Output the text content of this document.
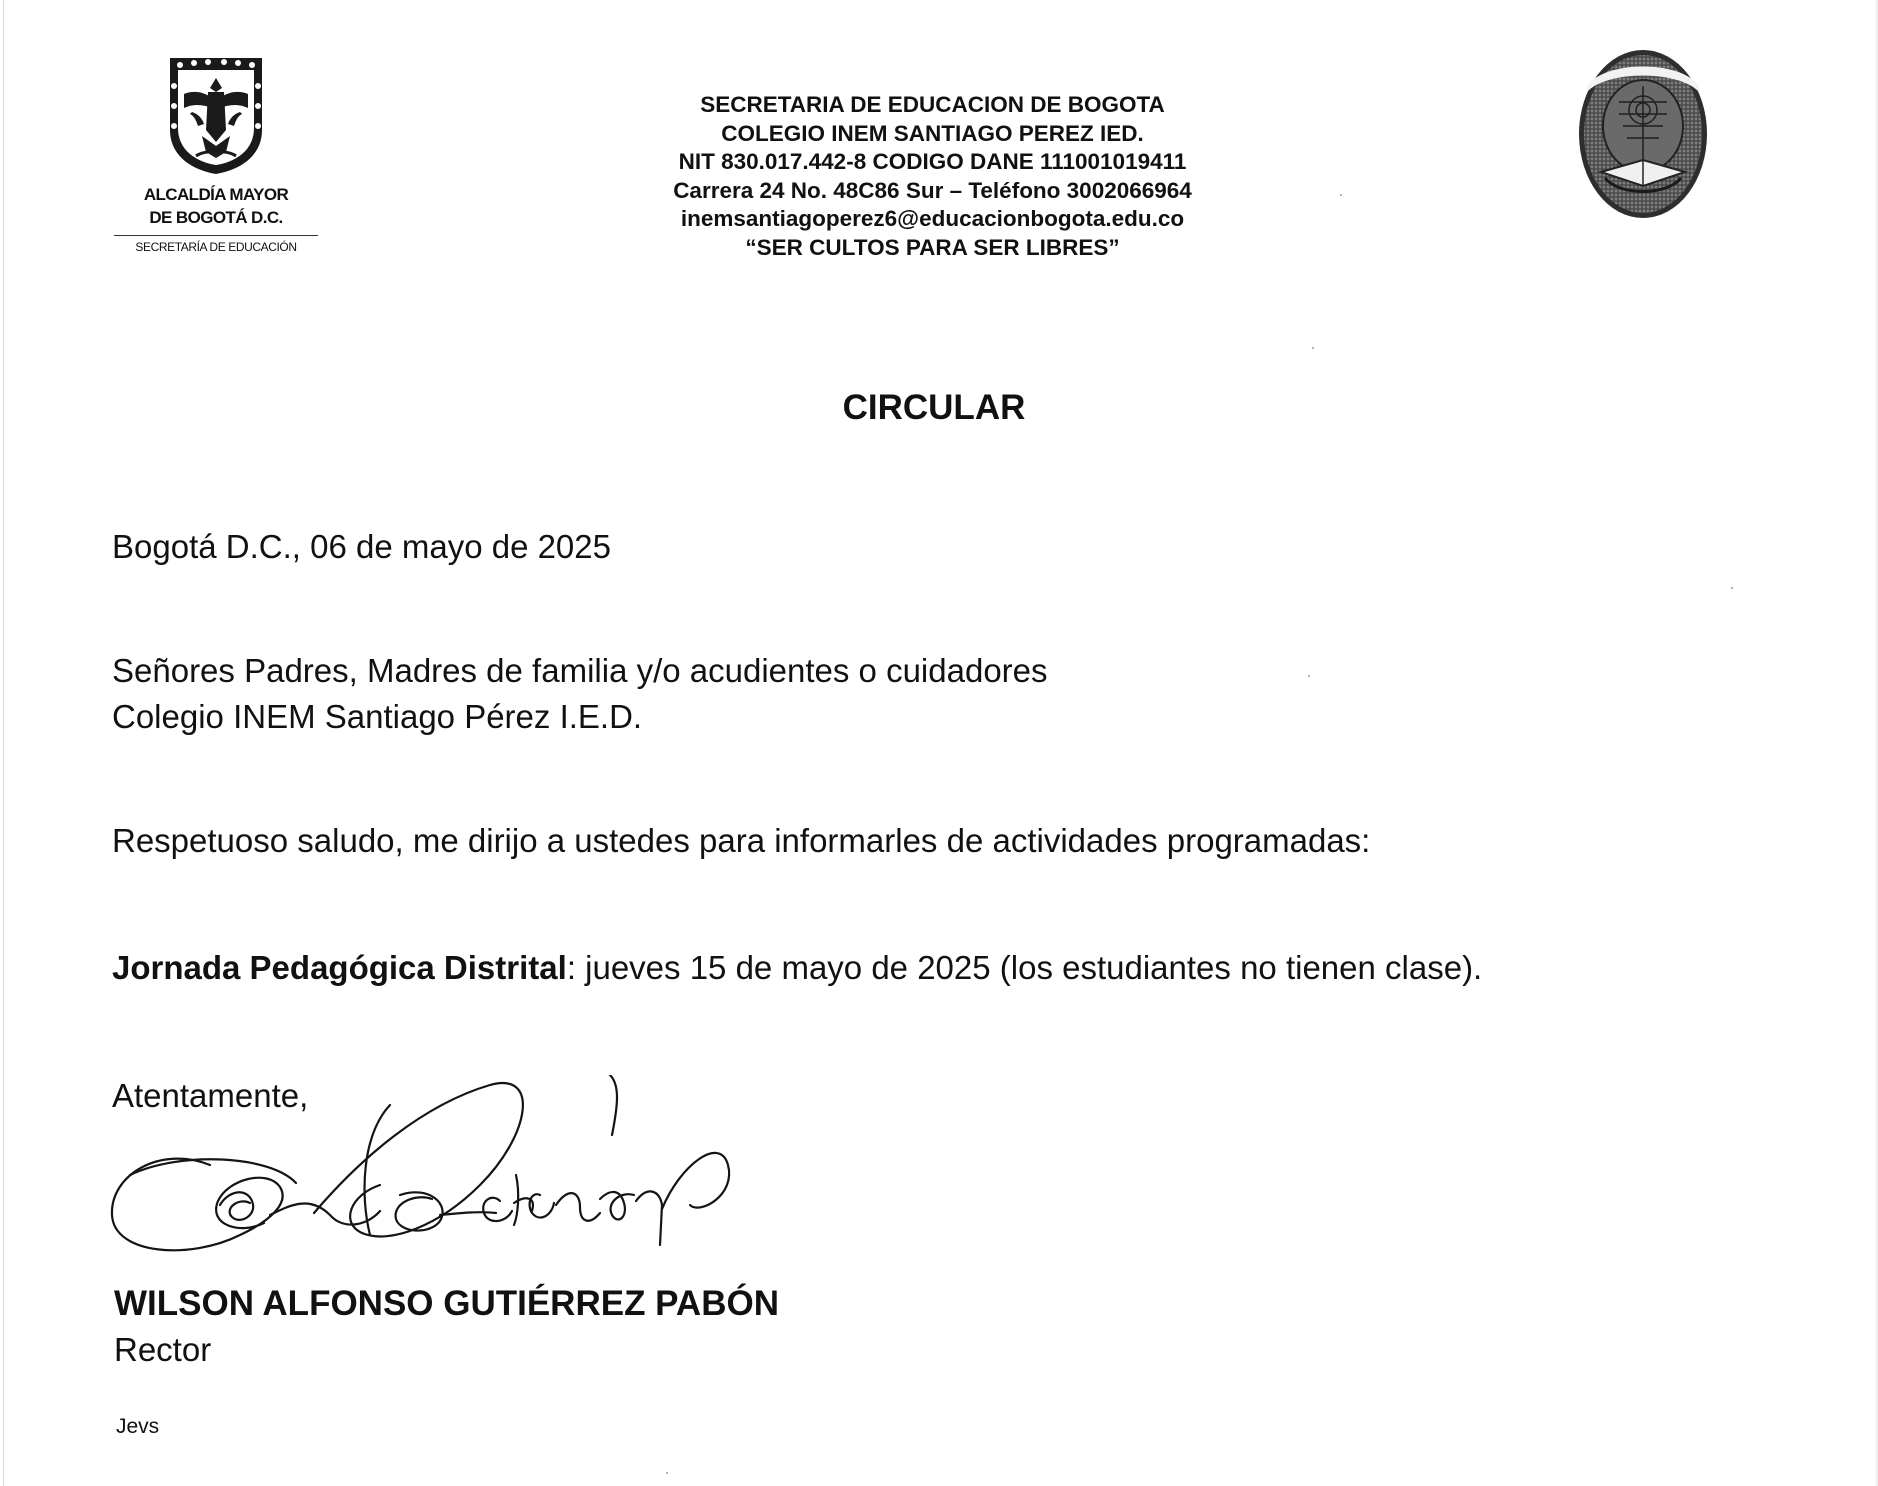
ALCALDÍA MAYOR
DE BOGOTÁ D.C.
SECRETARÍA DE EDUCACIÓN
SECRETARIA DE EDUCACION DE BOGOTA
COLEGIO INEM SANTIAGO PEREZ IED.
NIT 830.017.442-8 CODIGO DANE 111001019411
Carrera 24 No. 48C86 Sur – Teléfono 3002066964
inemsantiagoperez6@educacionbogota.edu.co
“SER CULTOS PARA SER LIBRES”
CIRCULAR
Bogotá D.C., 06 de mayo de 2025
Señores Padres, Madres de familia y/o acudientes o cuidadores
Colegio INEM Santiago Pérez I.E.D.
Respetuoso saludo, me dirijo a ustedes para informarles de actividades programadas:
Jornada Pedagógica Distrital: jueves 15 de mayo de 2025 (los estudiantes no tienen clase).
Atentamente,
WILSON ALFONSO GUTIÉRREZ PABÓN
Rector
Jevs
